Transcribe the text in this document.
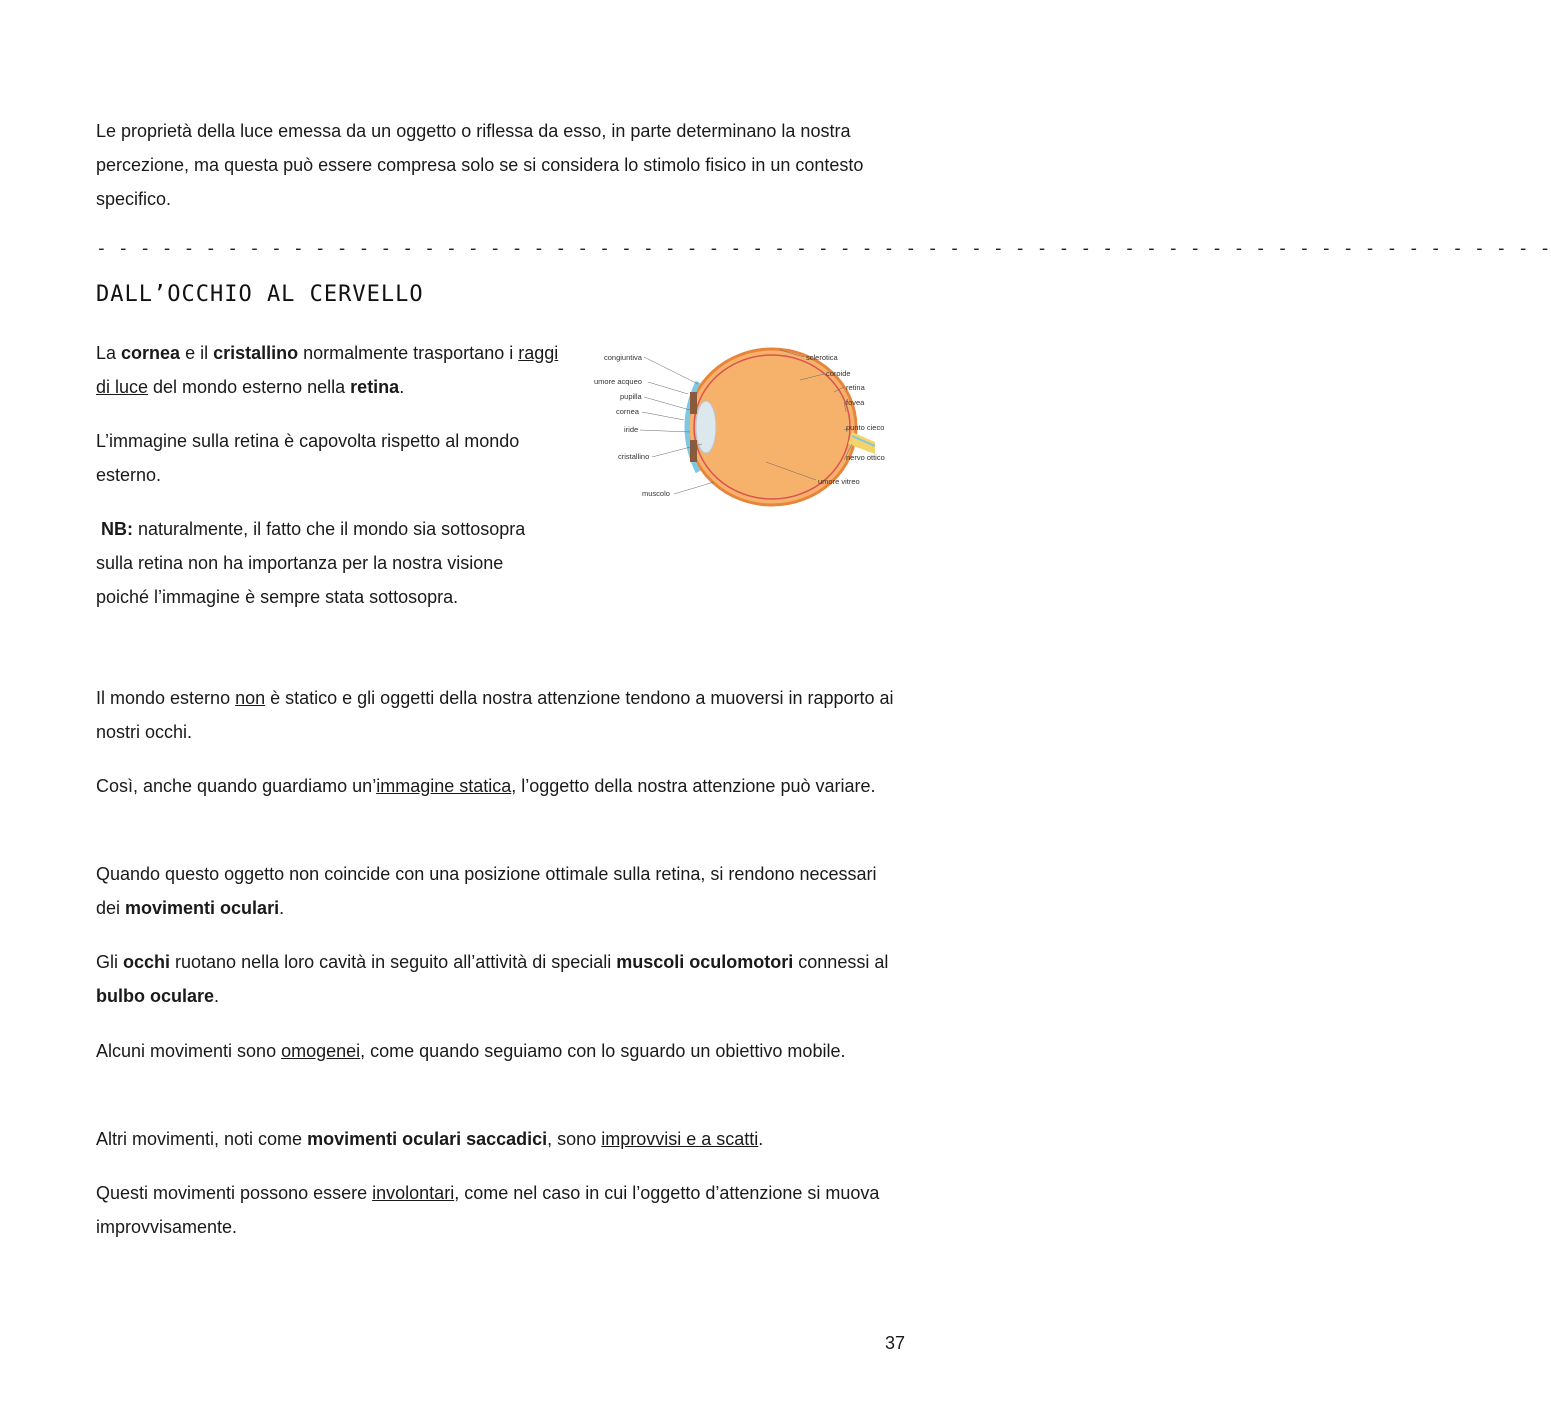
Le proprietà della luce emessa da un oggetto o riflessa da esso, in parte determinano la nostra percezione, ma questa può essere compresa solo se si considera lo stimolo fisico in un contesto specifico.

- - - - - - - - - - - - - - - - - - - - - - - - - - - - - - - - - - - - - - - - - - - - - - - - - - - - - - - - - - - - - - - - - - -
DALL’OCCHIO AL CERVELLO

La cornea e il cristallino normalmente trasportano i raggi di luce del mondo esterno nella retina.

L’immagine sulla retina è capovolta rispetto al mondo esterno.

NB: naturalmente, il fatto che il mondo sia sottosopra sulla retina non ha importanza per la nostra visione poiché l’immagine è sempre stata sottosopra.

congiuntiva
umore acqueo
pupilla
cornea
iride
cristallino
muscolo
sclerotica
coroide
retina
fovea
punto cieco
nervo ottico
umore vitreo

Il mondo esterno non è statico e gli oggetti della nostra attenzione tendono a muoversi in rapporto ai nostri occhi.

Così, anche quando guardiamo un’immagine statica, l’oggetto della nostra attenzione può variare.

Quando questo oggetto non coincide con una posizione ottimale sulla retina, si rendono necessari dei movimenti oculari.

Gli occhi ruotano nella loro cavità in seguito all’attività di speciali muscoli oculomotori connessi al bulbo oculare.

Alcuni movimenti sono omogenei, come quando seguiamo con lo sguardo un obiettivo mobile.

Altri movimenti, noti come movimenti oculari saccadici, sono improvvisi e a scatti.

Questi movimenti possono essere involontari, come nel caso in cui l’oggetto d’attenzione si muova improvvisamente.

37
